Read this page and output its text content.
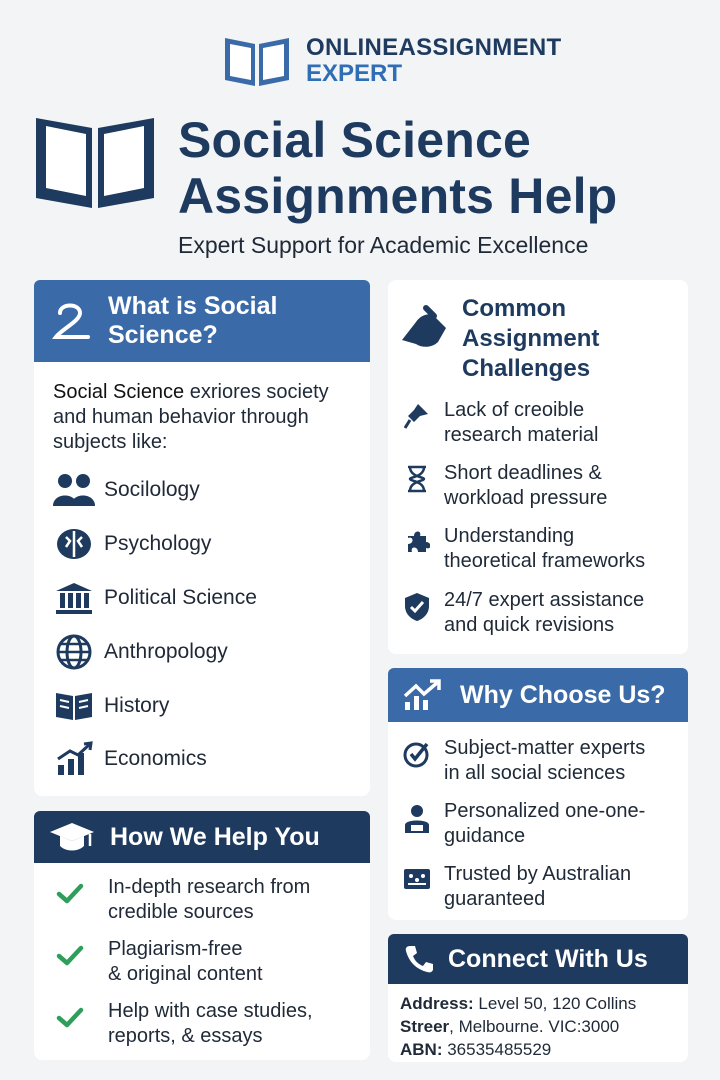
ONLINEASSIGNMENT
EXPERT
Social Science
Assignments Help
Expert Support for Academic Excellence
What is Social
Science?
Social Science exriores society
and human behavior through
subjects like:
Socilology
Psychology
Political Science
Anthropology
History
Economics
Common
Assignment
Challenges
Lack of creoible
research material
Short deadlines &
workload pressure
Understanding
theoretical frameworks
24/7 expert assistance
and quick revisions
Why Choose Us?
Subject-matter experts
in all social sciences
Personalized one-one-
guidance
Trusted by Australian
guaranteed
How We Help You
In-depth research from
credible sources
Plagiarism-free
& original content
Help with case studies,
reports, & essays
Connect With Us
Address: Level 50, 120 Collins
Streer, Melbourne. VIC:3000
ABN: 36535485529
